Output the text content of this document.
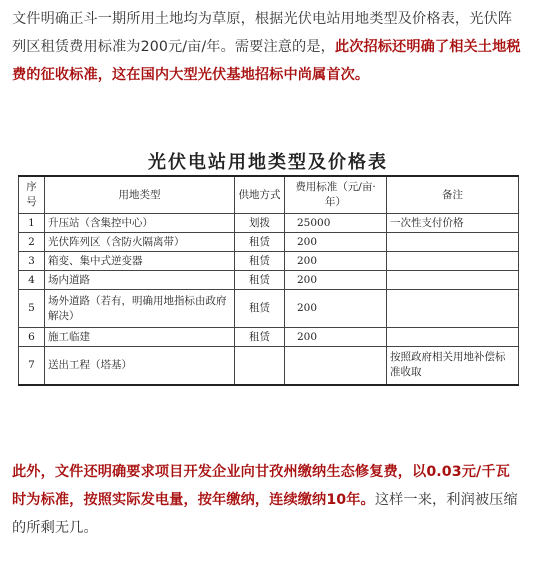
文件明确正斗一期所用土地均为草原，根据光伏电站用地类型及价格表，光伏阵列区租赁费用标准为200元/亩/年。需要注意的是，此次招标还明确了相关土地税费的征收标准，这在国内大型光伏基地招标中尚属首次。

光伏电站用地类型及价格表
序号	用地类型	供地方式	费用标准（元/亩·年）	备注
1	升压站（含集控中心）	划拨	25000	一次性支付价格
2	光伏阵列区（含防火隔离带）	租赁	200	
3	箱变、集中式逆变器	租赁	200	
4	场内道路	租赁	200	
5	场外道路（若有，明确用地指标由政府解决）	租赁	200	
6	施工临建	租赁	200	
7	送出工程（塔基）			按照政府相关用地补偿标准收取

此外，文件还明确要求项目开发企业向甘孜州缴纳生态修复费，以0.03元/千瓦时为标准，按照实际发电量，按年缴纳，连续缴纳10年。这样一来，利润被压缩的所剩无几。
